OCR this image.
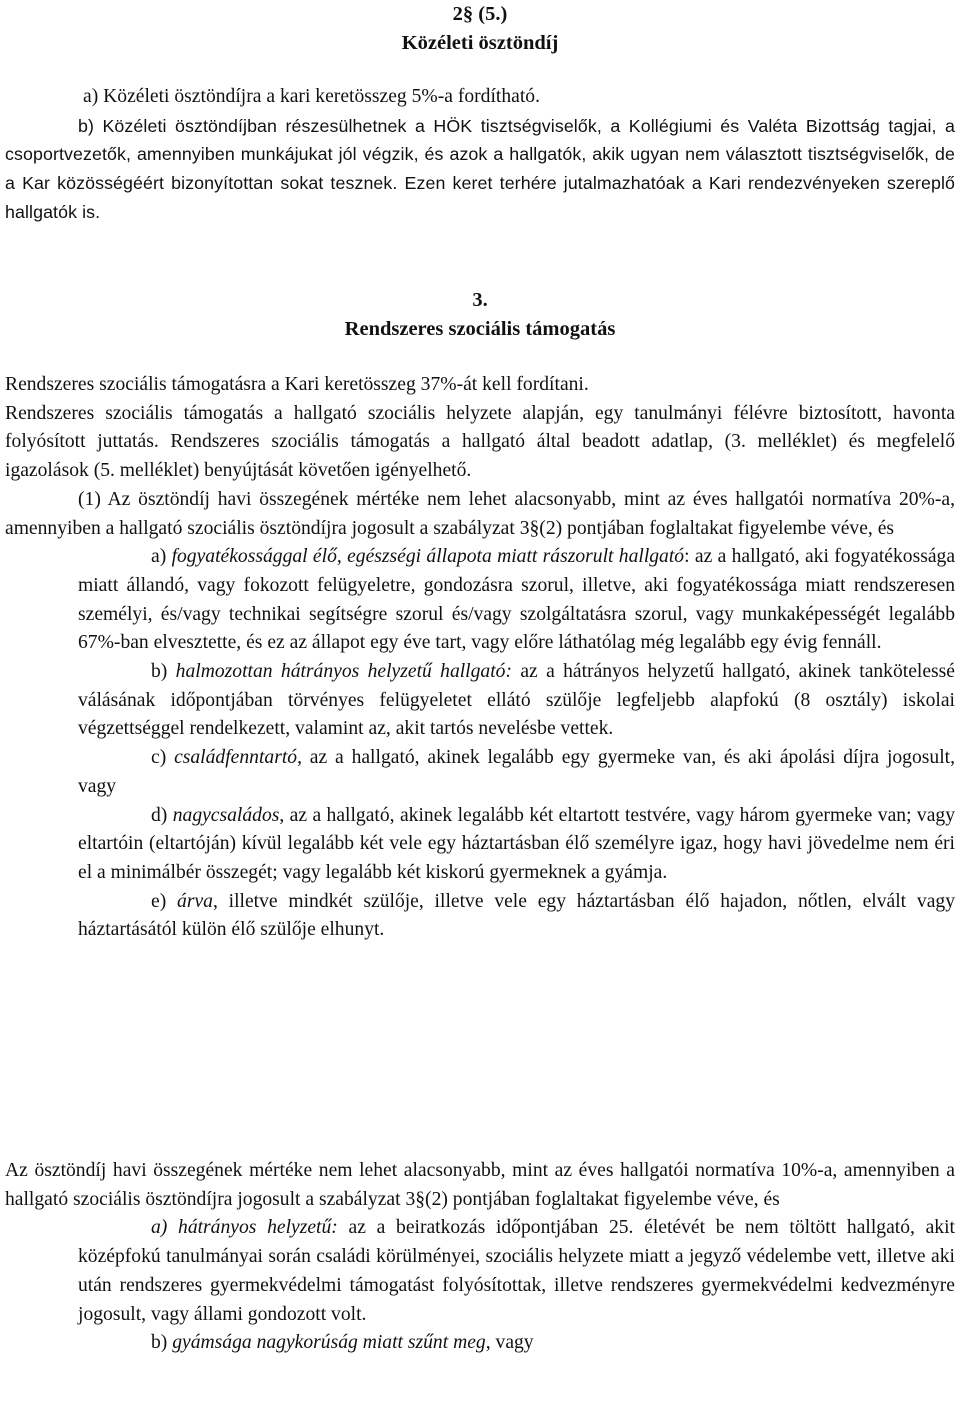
2§ (5.)

Közéleti ösztöndíj

a) Közéleti ösztöndíjra a kari keretösszeg 5%-a fordítható.

b) Közéleti ösztöndíjban részesülhetnek a HÖK tisztségviselők, a Kollégiumi és Valéta Bizottság tagjai, a csoportvezetők, amennyiben munkájukat jól végzik, és azok a hallgatók, akik ugyan nem választott tisztségviselők, de a Kar közösségéért bizonyítottan sokat tesznek. Ezen keret terhére jutalmazhatóak a Kari rendezvényeken szereplő hallgatók is.

3.

Rendszeres szociális támogatás

Rendszeres szociális támogatásra a Kari keretösszeg 37%-át kell fordítani.

Rendszeres szociális támogatás a hallgató szociális helyzete alapján, egy tanulmányi félévre biztosított, havonta folyósított juttatás. Rendszeres szociális támogatás a hallgató által beadott adatlap, (3. melléklet) és megfelelő igazolások (5. melléklet) benyújtását követően igényelhető.

(1) Az ösztöndíj havi összegének mértéke nem lehet alacsonyabb, mint az éves hallgatói normatíva 20%-a, amennyiben a hallgató szociális ösztöndíjra jogosult a szabályzat 3§(2) pontjában foglaltakat figyelembe véve, és

a) fogyatékossággal élő, egészségi állapota miatt rászorult hallgató: az a hallgató, aki fogyatékossága miatt állandó, vagy fokozott felügyeletre, gondozásra szorul, illetve, aki fogyatékossága miatt rendszeresen személyi, és/vagy technikai segítségre szorul és/vagy szolgáltatásra szorul, vagy munkaképességét legalább 67%-ban elvesztette, és ez az állapot egy éve tart, vagy előre láthatólag még legalább egy évig fennáll.

b) halmozottan hátrányos helyzetű hallgató: az a hátrányos helyzetű hallgató, akinek tankötelessé válásának időpontjában törvényes felügyeletet ellátó szülője legfeljebb alapfokú (8 osztály) iskolai végzettséggel rendelkezett, valamint az, akit tartós nevelésbe vettek.

c) családfenntartó, az a hallgató, akinek legalább egy gyermeke van, és aki ápolási díjra jogosult, vagy

d) nagycsaládos, az a hallgató, akinek legalább két eltartott testvére, vagy három gyermeke van; vagy eltartóin (eltartóján) kívül legalább két vele egy háztartásban élő személyre igaz, hogy havi jövedelme nem éri el a minimálbér összegét; vagy legalább két kiskorú gyermeknek a gyámja.

e) árva, illetve mindkét szülője, illetve vele egy háztartásban élő hajadon, nőtlen, elvált vagy háztartásától külön élő szülője elhunyt.

Az ösztöndíj havi összegének mértéke nem lehet alacsonyabb, mint az éves hallgatói normatíva 10%-a, amennyiben a hallgató szociális ösztöndíjra jogosult a szabályzat 3§(2) pontjában foglaltakat figyelembe véve, és

a) hátrányos helyzetű: az a beiratkozás időpontjában 25. életévét be nem töltött hallgató, akit középfokú tanulmányai során családi körülményei, szociális helyzete miatt a jegyző védelembe vett, illetve aki után rendszeres gyermekvédelmi támogatást folyósítottak, illetve rendszeres gyermekvédelmi kedvezményre jogosult, vagy állami gondozott volt.

b) gyámsága nagykorúság miatt szűnt meg, vagy
